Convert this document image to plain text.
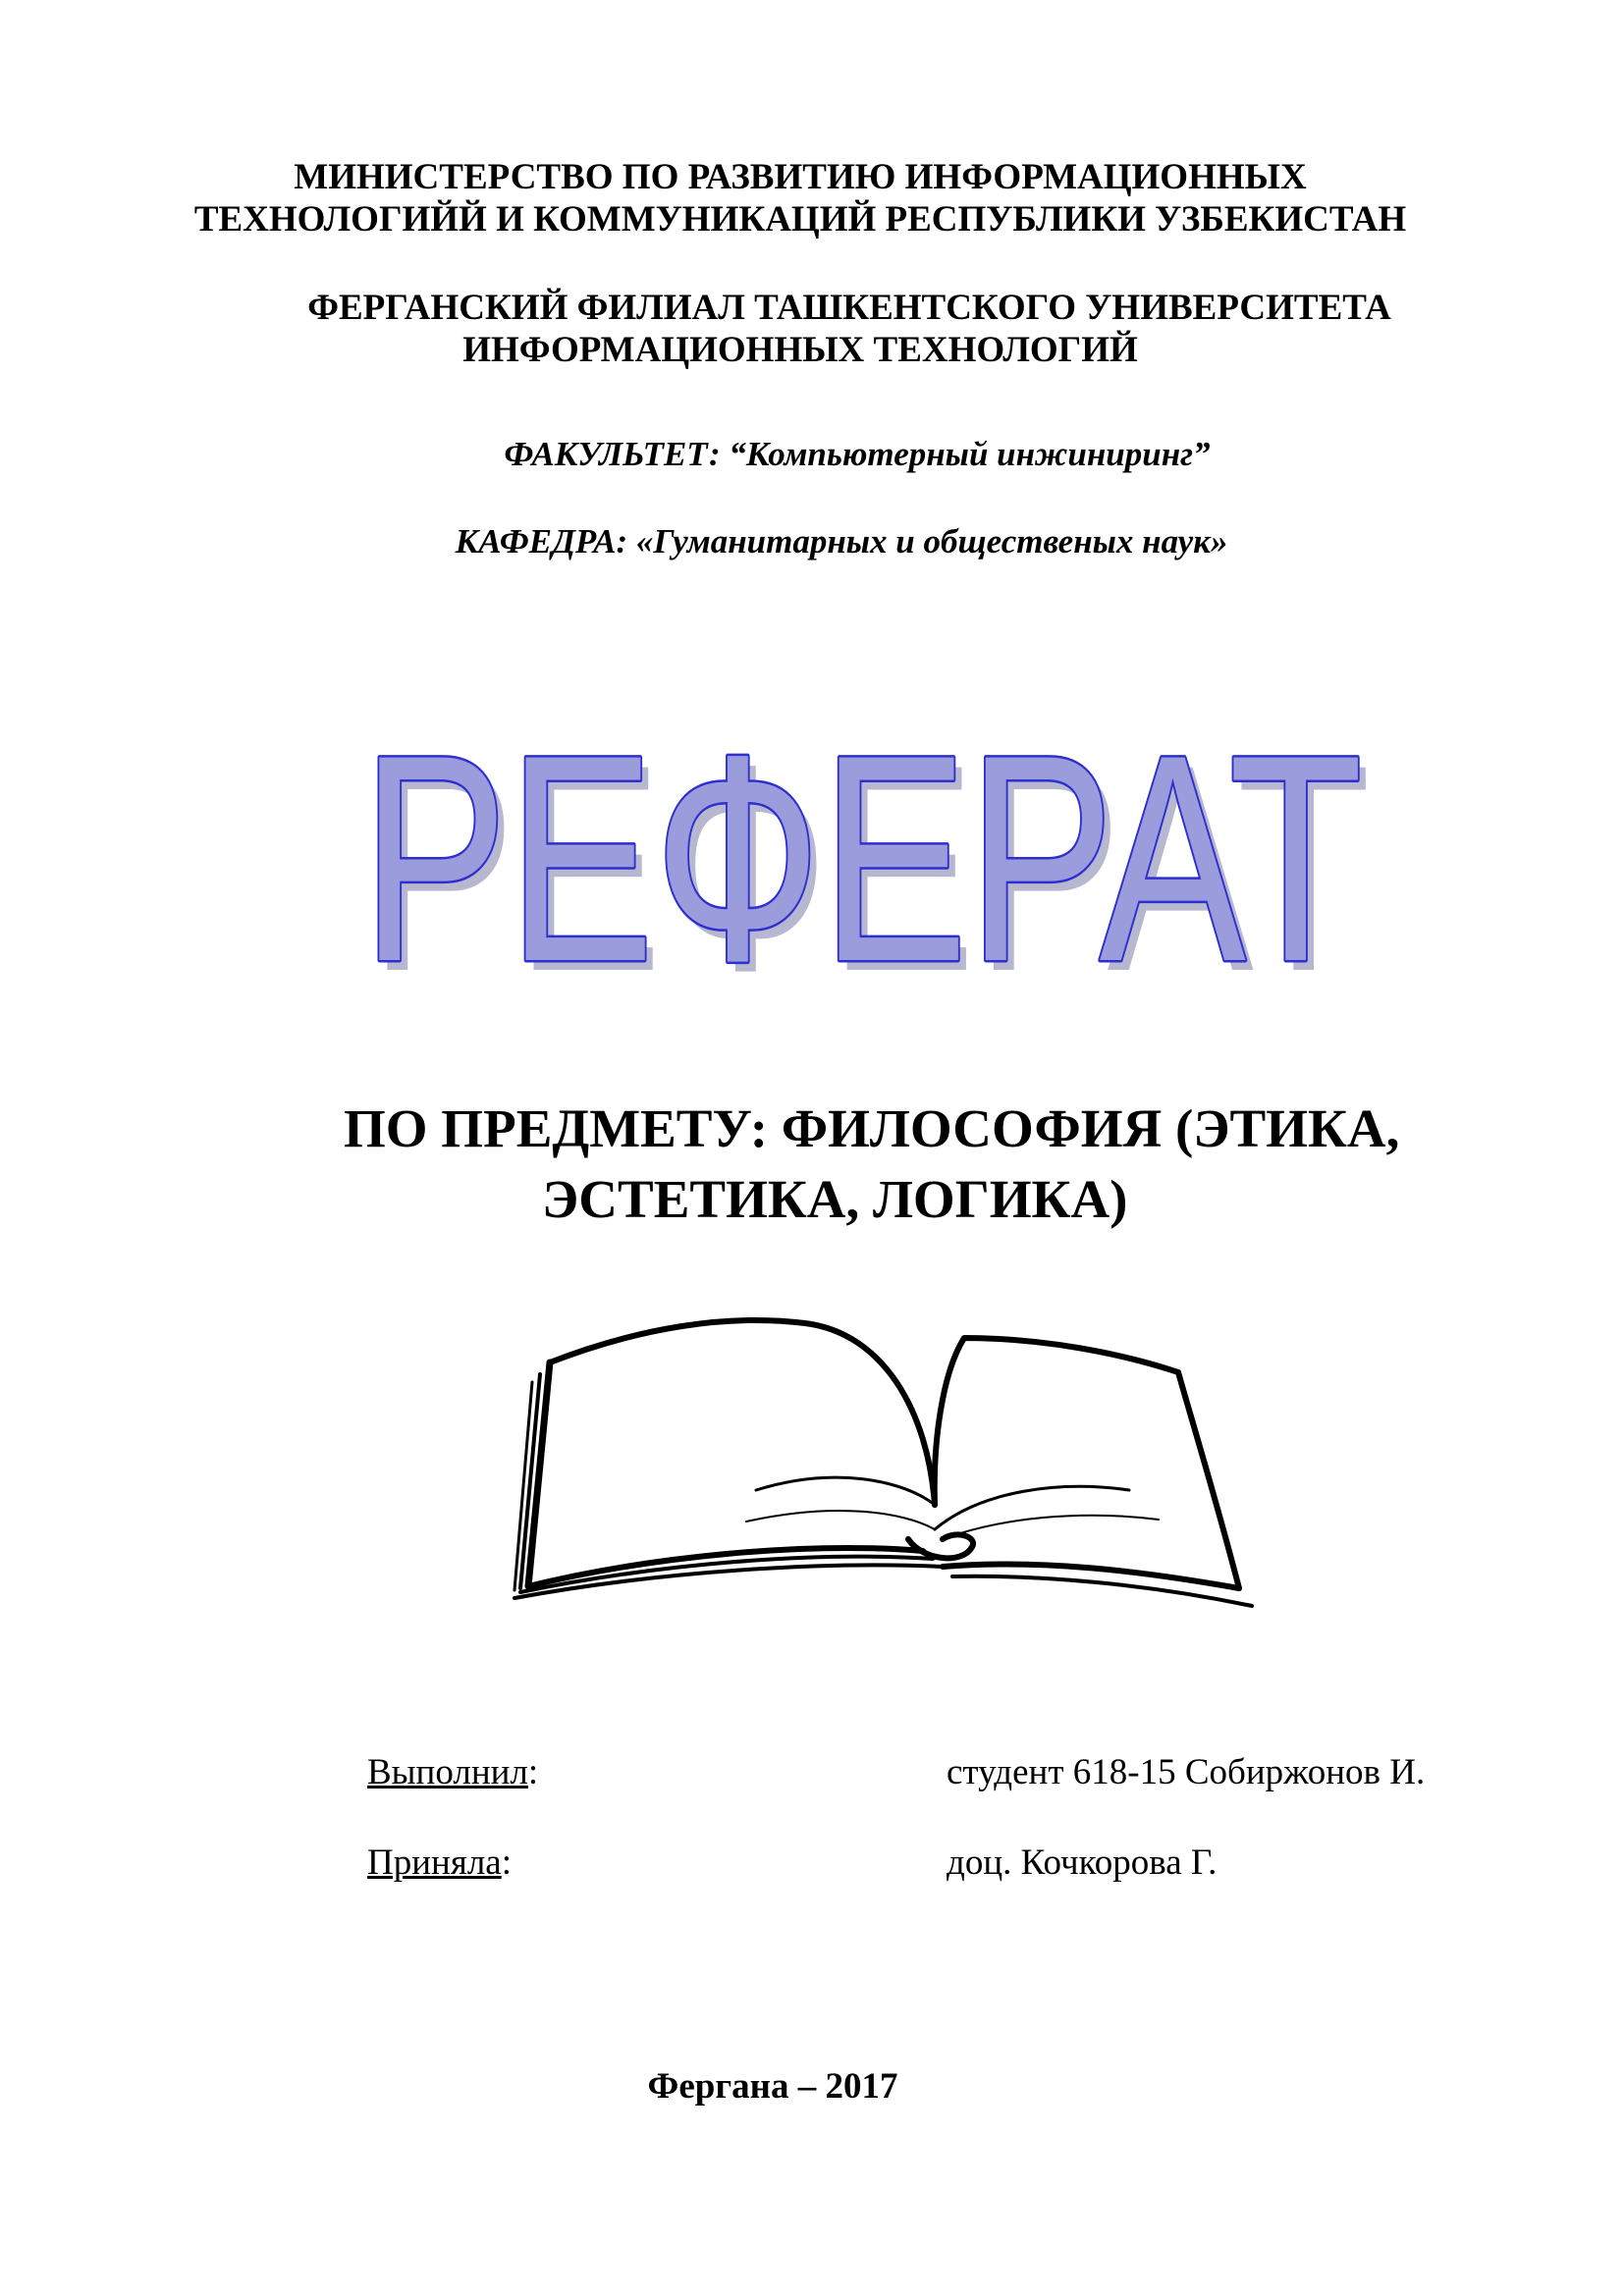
МИНИСТЕРСТВО ПО РАЗВИТИЮ ИНФОРМАЦИОННЫХ
ТЕХНОЛОГИЙЙ И КОММУНИКАЦИЙ РЕСПУБЛИКИ УЗБЕКИСТАН
ФЕРГАНСКИЙ ФИЛИАЛ ТАШКЕНТСКОГО УНИВЕРСИТЕТА
ИНФОРМАЦИОННЫХ ТЕХНОЛОГИЙ
ФАКУЛЬТЕТ: “Компьютерный инжиниринг”
КАФЕДРА: «Гуманитарных и общественых наук»
РЕФЕРАТ
РЕФЕРАТ
ПО ПРЕДМЕТУ: ФИЛОСОФИЯ (ЭТИКА,
ЭСТЕТИКА, ЛОГИКА)
Выполнил:	студент 618-15 Собиржонов И.
Приняла:	доц. Кочкорова Г.
Фергана – 2017
